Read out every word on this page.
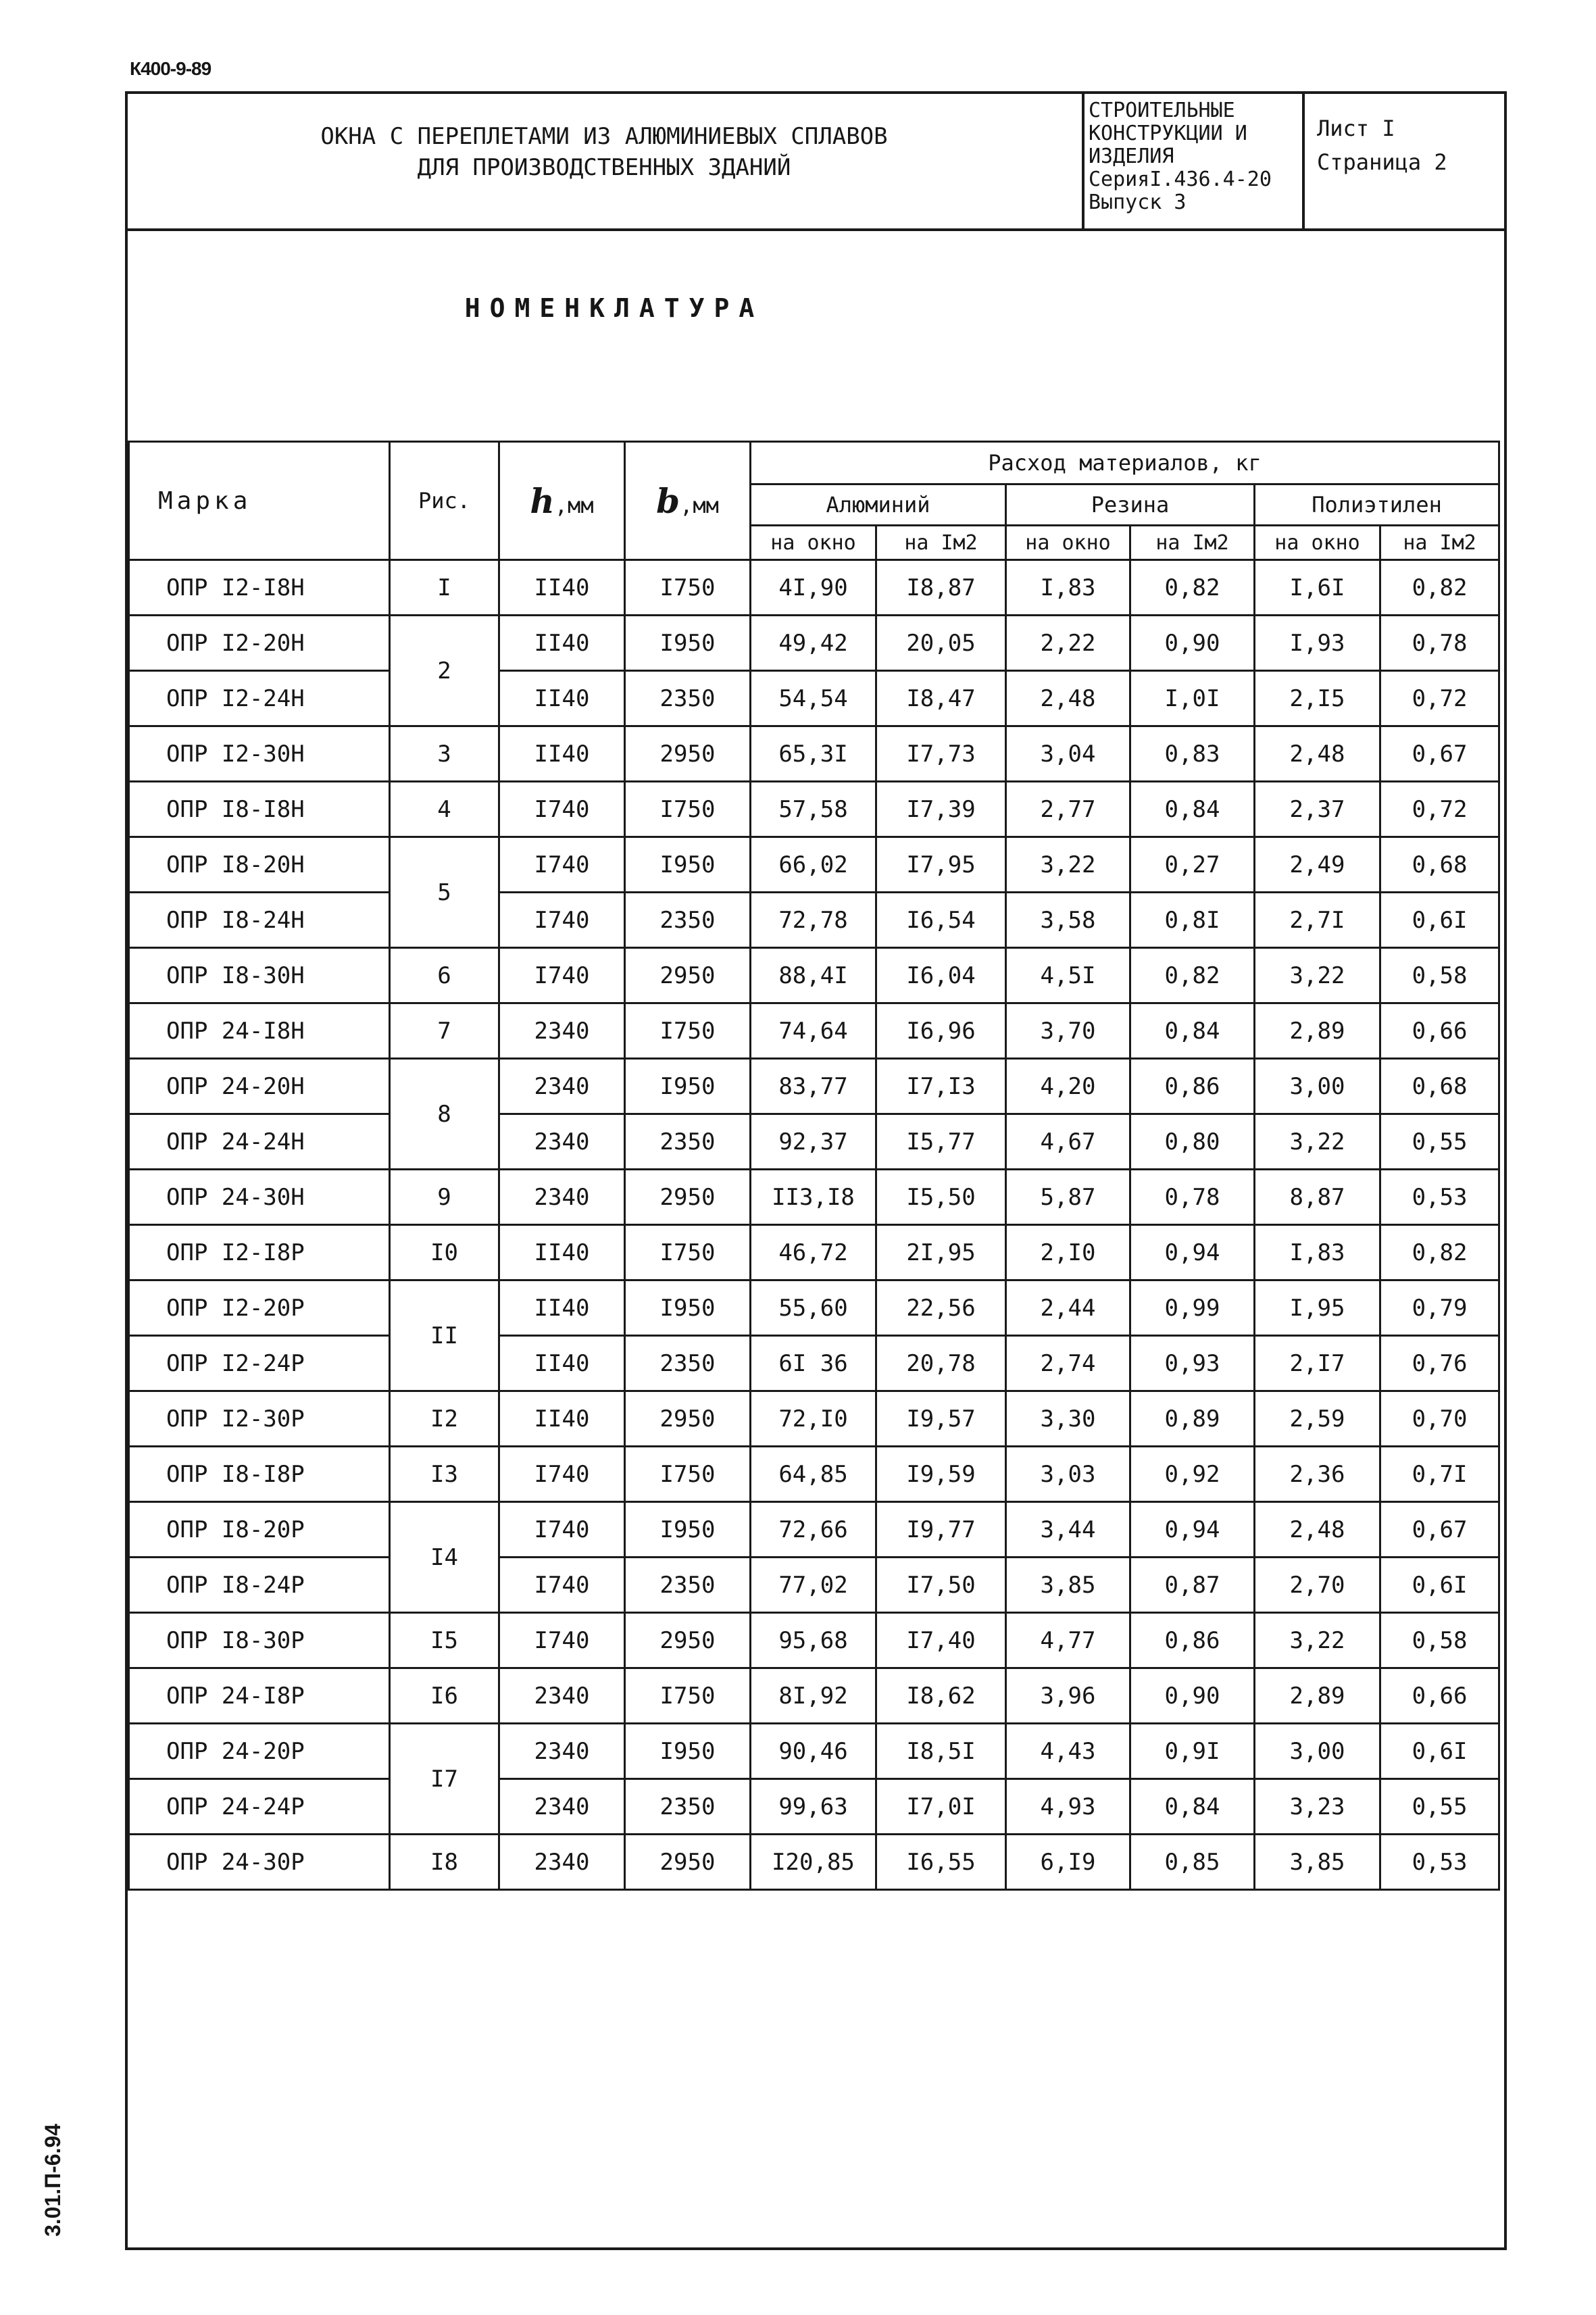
К400-9-89
3.01.П-6.94
ОКНА С ПЕРЕПЛЕТАМИ ИЗ АЛЮМИНИЕВЫХ СПЛАВОВ
ДЛЯ ПРОИЗВОДСТВЕННЫХ ЗДАНИЙ
СТРОИТЕЛЬНЫЕ
КОНСТРУКЦИИ И
ИЗДЕЛИЯ
СерияI.436.4-20
Выпуск 3
Лист I
Страница 2
НОМЕНКЛАТУРА
Марка	Рис.	h,мм	b,мм	Расход материалов, кг					
				Алюминий		Резина		Полиэтилен	
				на окно	на Iм2	на окно	на Iм2	на окно	на Iм2
ОПР I2-I8Н	I	II40	I750	4I,90	I8,87	I,83	0,82	I,6I	0,82
ОПР I2-20Н	2	II40	I950	49,42	20,05	2,22	0,90	I,93	0,78
ОПР I2-24Н		II40	2350	54,54	I8,47	2,48	I,0I	2,I5	0,72
ОПР I2-30Н	3	II40	2950	65,3I	I7,73	3,04	0,83	2,48	0,67
ОПР I8-I8Н	4	I740	I750	57,58	I7,39	2,77	0,84	2,37	0,72
ОПР I8-20Н	5	I740	I950	66,02	I7,95	3,22	0,27	2,49	0,68
ОПР I8-24Н		I740	2350	72,78	I6,54	3,58	0,8I	2,7I	0,6I
ОПР I8-30Н	6	I740	2950	88,4I	I6,04	4,5I	0,82	3,22	0,58
ОПР 24-I8Н	7	2340	I750	74,64	I6,96	3,70	0,84	2,89	0,66
ОПР 24-20Н	8	2340	I950	83,77	I7,I3	4,20	0,86	3,00	0,68
ОПР 24-24Н		2340	2350	92,37	I5,77	4,67	0,80	3,22	0,55
ОПР 24-30Н	9	2340	2950	II3,I8	I5,50	5,87	0,78	8,87	0,53
ОПР I2-I8Р	I0	II40	I750	46,72	2I,95	2,I0	0,94	I,83	0,82
ОПР I2-20Р	II	II40	I950	55,60	22,56	2,44	0,99	I,95	0,79
ОПР I2-24Р		II40	2350	6I 36	20,78	2,74	0,93	2,I7	0,76
ОПР I2-30Р	I2	II40	2950	72,I0	I9,57	3,30	0,89	2,59	0,70
ОПР I8-I8Р	I3	I740	I750	64,85	I9,59	3,03	0,92	2,36	0,7I
ОПР I8-20Р	I4	I740	I950	72,66	I9,77	3,44	0,94	2,48	0,67
ОПР I8-24Р		I740	2350	77,02	I7,50	3,85	0,87	2,70	0,6I
ОПР I8-30Р	I5	I740	2950	95,68	I7,40	4,77	0,86	3,22	0,58
ОПР 24-I8Р	I6	2340	I750	8I,92	I8,62	3,96	0,90	2,89	0,66
ОПР 24-20Р	I7	2340	I950	90,46	I8,5I	4,43	0,9I	3,00	0,6I
ОПР 24-24Р		2340	2350	99,63	I7,0I	4,93	0,84	3,23	0,55
ОПР 24-30Р	I8	2340	2950	I20,85	I6,55	6,I9	0,85	3,85	0,53
